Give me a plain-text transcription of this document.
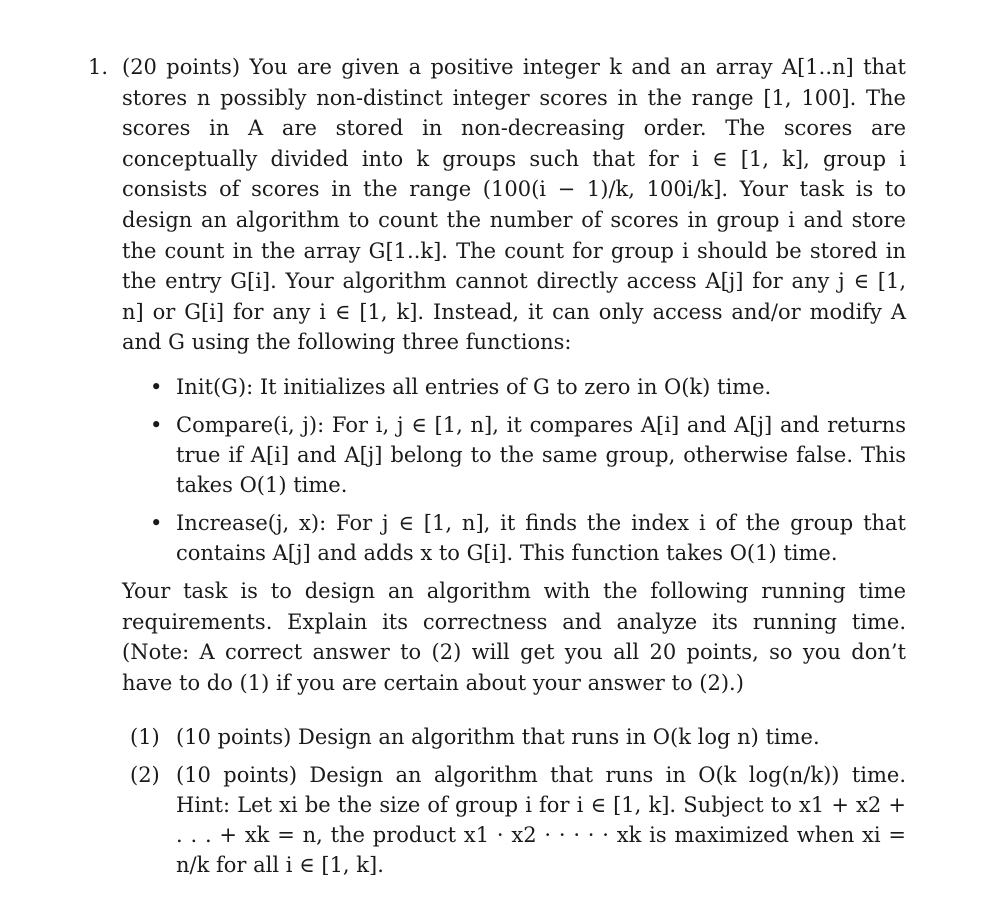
1. (20 points) You are given a positive integer k and an array A[1..n] that stores n possibly non-distinct integer scores in the range [1, 100]. The scores in A are stored in non-decreasing order. The scores are conceptually divided into k groups such that for i ∈ [1, k], group i consists of scores in the range (100(i − 1)/k, 100i/k]. Your task is to design an algorithm to count the number of scores in group i and store the count in the array G[1..k]. The count for group i should be stored in the entry G[i]. Your algorithm cannot directly access A[j] for any j ∈ [1, n] or G[i] for any i ∈ [1, k]. Instead, it can only access and/or modify A and G using the following three functions:

• Init(G): It initializes all entries of G to zero in O(k) time.
• Compare(i, j): For i, j ∈ [1, n], it compares A[i] and A[j] and returns true if A[i] and A[j] belong to the same group, otherwise false. This takes O(1) time.
• Increase(j, x): For j ∈ [1, n], it finds the index i of the group that contains A[j] and adds x to G[i]. This function takes O(1) time.

Your task is to design an algorithm with the following running time requirements. Explain its correctness and analyze its running time. (Note: A correct answer to (2) will get you all 20 points, so you don’t have to do (1) if you are certain about your answer to (2).)

(1) (10 points) Design an algorithm that runs in O(k log n) time.
(2) (10 points) Design an algorithm that runs in O(k log(n/k)) time. Hint: Let xi be the size of group i for i ∈ [1, k]. Subject to x1 + x2 + . . . + xk = n, the product x1 · x2 · · · · · xk is maximized when xi = n/k for all i ∈ [1, k].
